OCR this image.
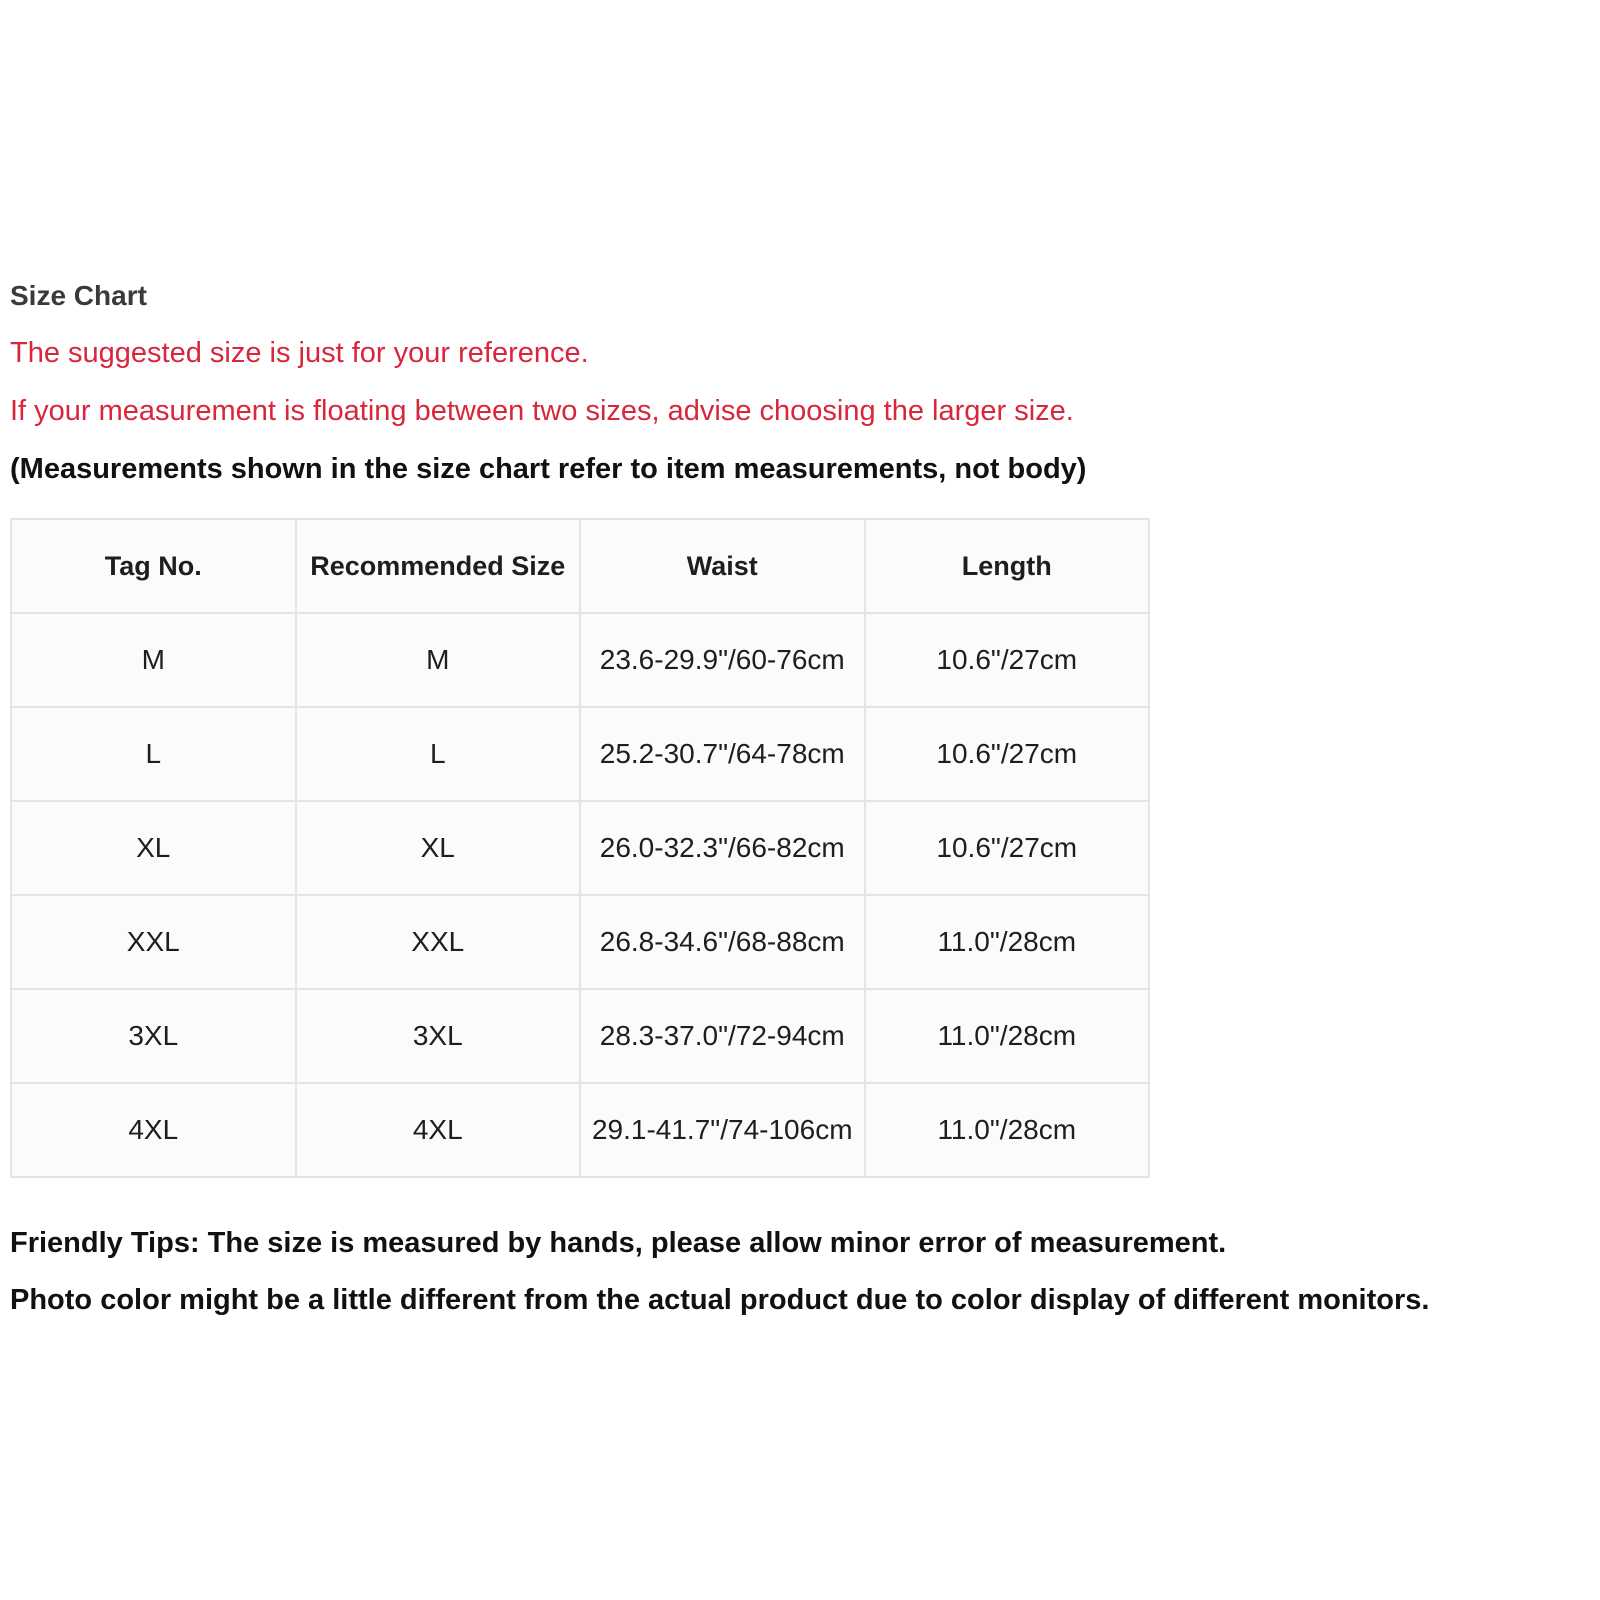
Size Chart
The suggested size is just for your reference.
If your measurement is floating between two sizes, advise choosing the larger size.
(Measurements shown in the size chart refer to item measurements, not body)
Tag No.	Recommended Size	Waist	Length
M	M	23.6-29.9"/60-76cm	10.6"/27cm
L	L	25.2-30.7"/64-78cm	10.6"/27cm
XL	XL	26.0-32.3"/66-82cm	10.6"/27cm
XXL	XXL	26.8-34.6"/68-88cm	11.0"/28cm
3XL	3XL	28.3-37.0"/72-94cm	11.0"/28cm
4XL	4XL	29.1-41.7"/74-106cm	11.0"/28cm
Friendly Tips: The size is measured by hands, please allow minor error of measurement.
Photo color might be a little different from the actual product due to color display of different monitors.
